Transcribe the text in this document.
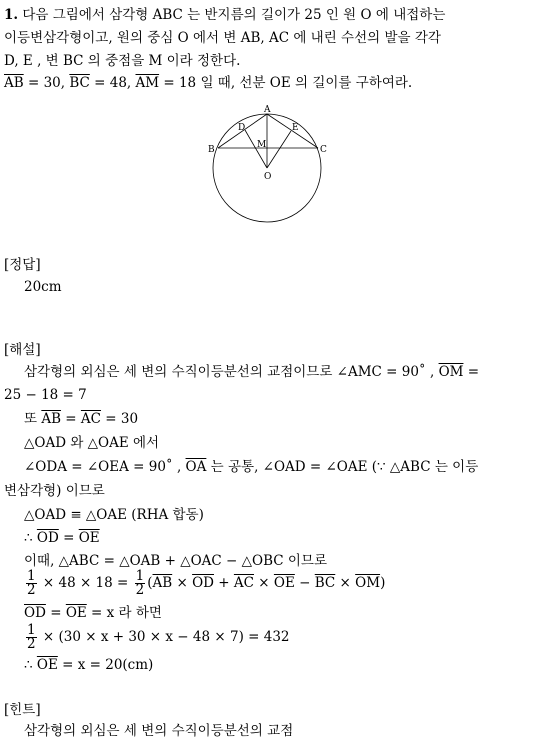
1. 다음 그림에서 삼각형 ABC 는 반지름의 길이가 25 인 원 O 에 내접하는
이등변삼각형이고, 원의 중심 O 에서 변 AB, AC 에 내린 수선의 발을 각각
D, E , 변 BC 의 중점을 M 이라 정한다.
$\overline{AB} = 30$, $\overline{BC} = 48$, $\overline{AM} = 18$ 일 때, 선분 OE 의 길이를 구하여라.
A
B	C
D	E
M
O
[정답]
20cm
[해설]
삼각형의 외심은 세 변의 수직이등분선의 교점이므로 ∠AMC = 90˚ , $\overline{OM}$ =
25 − 18 = 7
또 $\overline{AB} = \overline{AC} = 30$
△OAD 와 △OAE 에서
∠ODA = ∠OEA = 90˚ , $\overline{OA}$ 는 공통, ∠OAD = ∠OAE (∵ △ABC 는 이등
변삼각형) 이므로
△OAD ≡ △OAE (RHA 합동)
∴ $\overline{OD} = \overline{OE}$
이때, △ABC = △OAB + △OAC − △OBC 이므로
$\frac{1}{2} \times 48 \times 18 = \frac{1}{2} (\overline{AB} \times \overline{OD} + \overline{AC} \times \overline{OE} - \overline{BC} \times \overline{OM})$
$\overline{OD} = \overline{OE} = x$ 라 하면
$\frac{1}{2} \times (30 \times x + 30 \times x - 48 \times 7) = 432$
∴ $\overline{OE} = x = 20(cm)$
[힌트]
삼각형의 외심은 세 변의 수직이등분선의 교점
